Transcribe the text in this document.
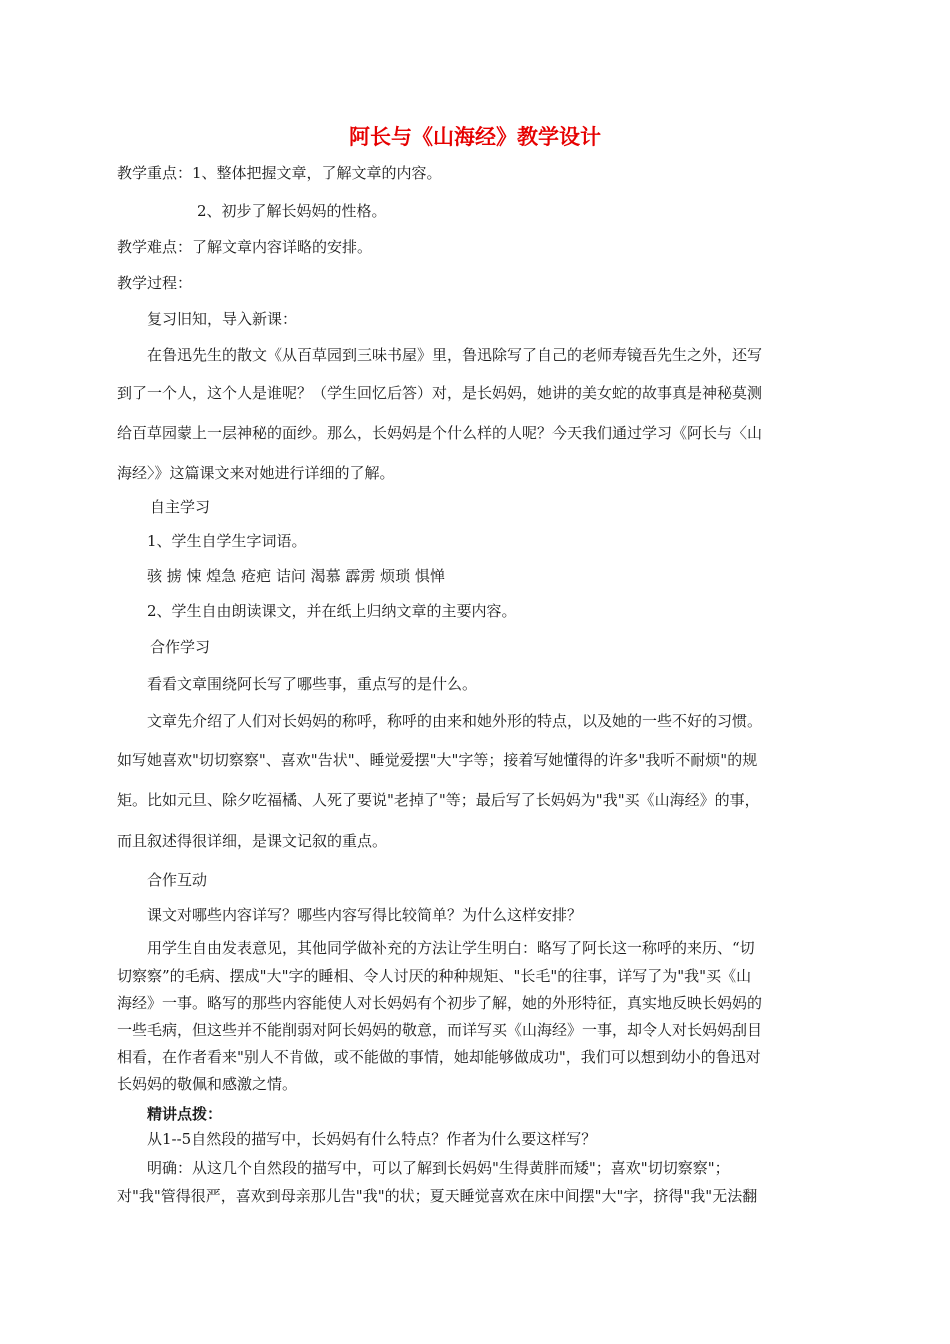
阿长与《山海经》教学设计
教学重点：1、整体把握文章，了解文章的内容。
2、初步了解长妈妈的性格。
教学难点：了解文章内容详略的安排。
教学过程：
复习旧知，导入新课：
在鲁迅先生的散文《从百草园到三味书屋》里，鲁迅除写了自己的老师寿镜吾先生之外，还写
到了一个人，这个人是谁呢？（学生回忆后答）对，是长妈妈，她讲的美女蛇的故事真是神秘莫测
给百草园蒙上一层神秘的面纱。那么，长妈妈是个什么样的人呢？今天我们通过学习《阿长与〈山
海经〉》这篇课文来对她进行详细的了解。
自主学习
1、学生自学生字词语。
骇 掳 悚 煌急 疮疤 诘问 渴慕 霹雳 烦琐 惧惮
2、学生自由朗读课文，并在纸上归纳文章的主要内容。
合作学习
看看文章围绕阿长写了哪些事，重点写的是什么。
文章先介绍了人们对长妈妈的称呼，称呼的由来和她外形的特点，以及她的一些不好的习惯。
如写她喜欢"切切察察"、喜欢"告状"、睡觉爱摆"大"字等；接着写她懂得的许多"我听不耐烦"的规
矩。比如元旦、除夕吃福橘、人死了要说"老掉了"等；最后写了长妈妈为"我"买《山海经》的事，
而且叙述得很详细，是课文记叙的重点。
合作互动
课文对哪些内容详写？哪些内容写得比较简单？为什么这样安排？
用学生自由发表意见，其他同学做补充的方法让学生明白：略写了阿长这一称呼的来历、“切
切察察”的毛病、摆成"大"字的睡相、令人讨厌的种种规矩、"长毛"的往事，详写了为"我"买《山
海经》一事。略写的那些内容能使人对长妈妈有个初步了解，她的外形特征，真实地反映长妈妈的
一些毛病，但这些并不能削弱对阿长妈妈的敬意，而详写买《山海经》一事，却令人对长妈妈刮目
相看，在作者看来"别人不肯做，或不能做的事情，她却能够做成功"，我们可以想到幼小的鲁迅对
长妈妈的敬佩和感激之情。
精讲点拨：
从1--5自然段的描写中，长妈妈有什么特点？作者为什么要这样写？
明确：从这几个自然段的描写中，可以了解到长妈妈"生得黄胖而矮"；喜欢"切切察察"；
对"我"管得很严，喜欢到母亲那儿告"我"的状；夏天睡觉喜欢在床中间摆"大"字，挤得"我"无法翻
